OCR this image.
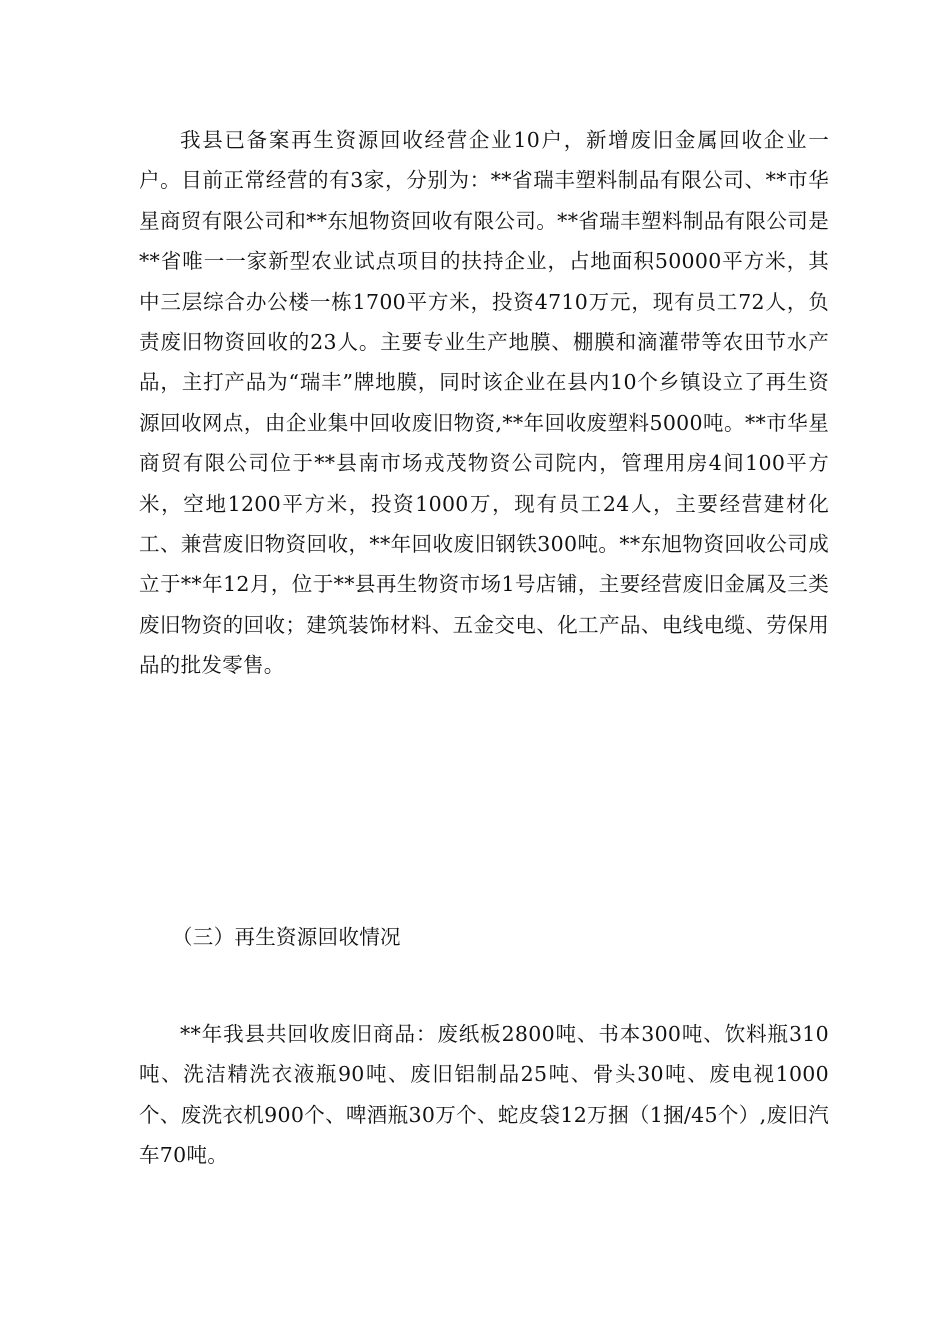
我县已备案再生资源回收经营企业10户，新增废旧金属回收企业一户。目前正常经营的有3家，分别为：**省瑞丰塑料制品有限公司、**市华星商贸有限公司和**东旭物资回收有限公司。**省瑞丰塑料制品有限公司是**省唯一一家新型农业试点项目的扶持企业，占地面积50000平方米，其中三层综合办公楼一栋1700平方米，投资4710万元，现有员工72人，负责废旧物资回收的23人。主要专业生产地膜、棚膜和滴灌带等农田节水产品，主打产品为“瑞丰”牌地膜，同时该企业在县内10个乡镇设立了再生资源回收网点，由企业集中回收废旧物资,**年回收废塑料5000吨。**市华星商贸有限公司位于**县南市场戎茂物资公司院内，管理用房4间100平方米，空地1200平方米，投资1000万，现有员工24人，主要经营建材化工、兼营废旧物资回收，**年回收废旧钢铁300吨。**东旭物资回收公司成立于**年12月，位于**县再生物资市场1号店铺，主要经营废旧金属及三类废旧物资的回收；建筑装饰材料、五金交电、化工产品、电线电缆、劳保用品的批发零售。

（三）再生资源回收情况

**年我县共回收废旧商品：废纸板2800吨、书本300吨、饮料瓶310吨、洗洁精洗衣液瓶90吨、废旧铝制品25吨、骨头30吨、废电视1000个、废洗衣机900个、啤酒瓶30万个、蛇皮袋12万捆（1捆/45个）,废旧汽车70吨。
